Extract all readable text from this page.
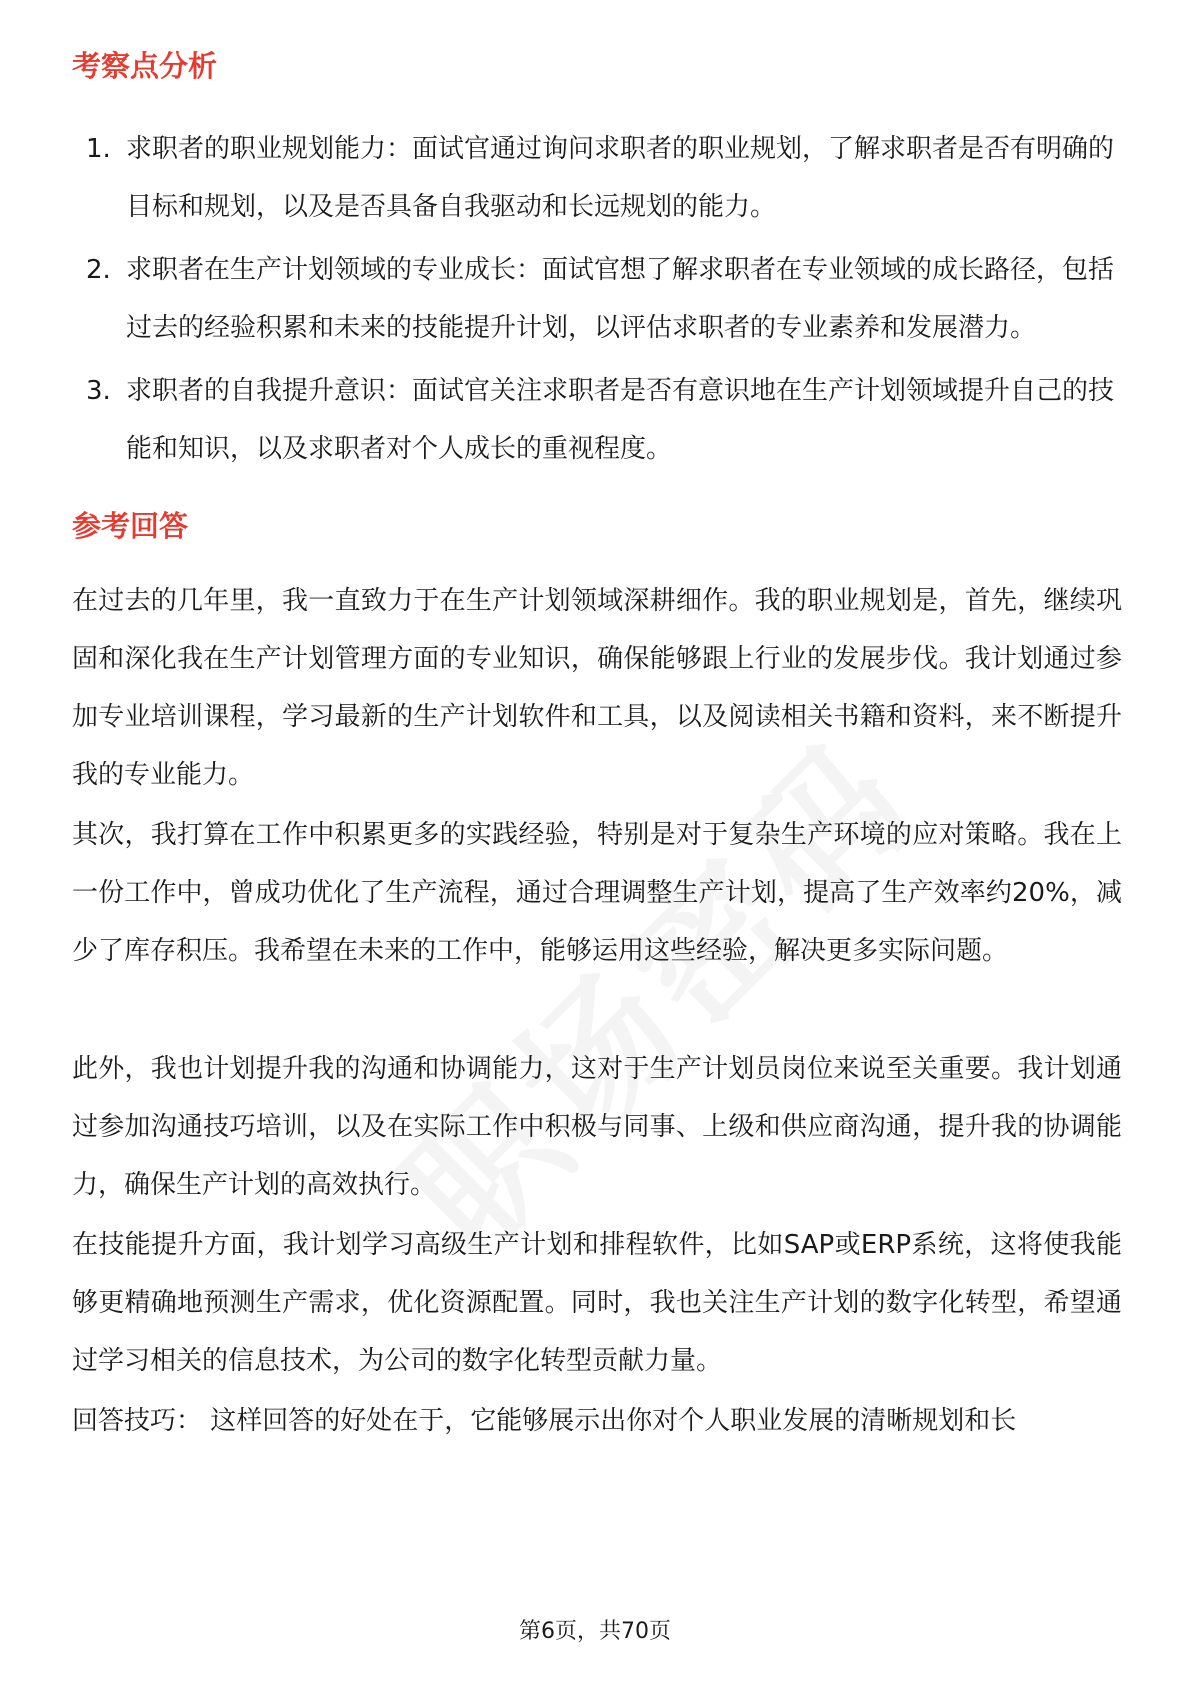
考察点分析
1. 求职者的职业规划能力：面试官通过询问求职者的职业规划，了解求职者是否有明确的目标和规划，以及是否具备自我驱动和长远规划的能力。
2. 求职者在生产计划领域的专业成长：面试官想了解求职者在专业领域的成长路径，包括过去的经验积累和未来的技能提升计划，以评估求职者的专业素养和发展潜力。
3. 求职者的自我提升意识：面试官关注求职者是否有意识地在生产计划领域提升自己的技能和知识，以及求职者对个人成长的重视程度。
参考回答

在过去的几年里，我一直致力于在生产计划领域深耕细作。我的职业规划是，首先，继续巩固和深化我在生产计划管理方面的专业知识，确保能够跟上行业的发展步伐。我计划通过参加专业培训课程，学习最新的生产计划软件和工具，以及阅读相关书籍和资料，来不断提升我的专业能力。

其次，我打算在工作中积累更多的实践经验，特别是对于复杂生产环境的应对策略。我在上一份工作中，曾成功优化了生产流程，通过合理调整生产计划，提高了生产效率约20%，减少了库存积压。我希望在未来的工作中，能够运用这些经验，解决更多实际问题。

此外，我也计划提升我的沟通和协调能力，这对于生产计划员岗位来说至关重要。我计划通过参加沟通技巧培训，以及在实际工作中积极与同事、上级和供应商沟通，提升我的协调能力，确保生产计划的高效执行。

在技能提升方面，我计划学习高级生产计划和排程软件，比如SAP或ERP系统，这将使我能够更精确地预测生产需求，优化资源配置。同时，我也关注生产计划的数字化转型，希望通过学习相关的信息技术，为公司的数字化转型贡献力量。

回答技巧： 这样回答的好处在于，它能够展示出你对个人职业发展的清晰规划和长

第6页，共70页
